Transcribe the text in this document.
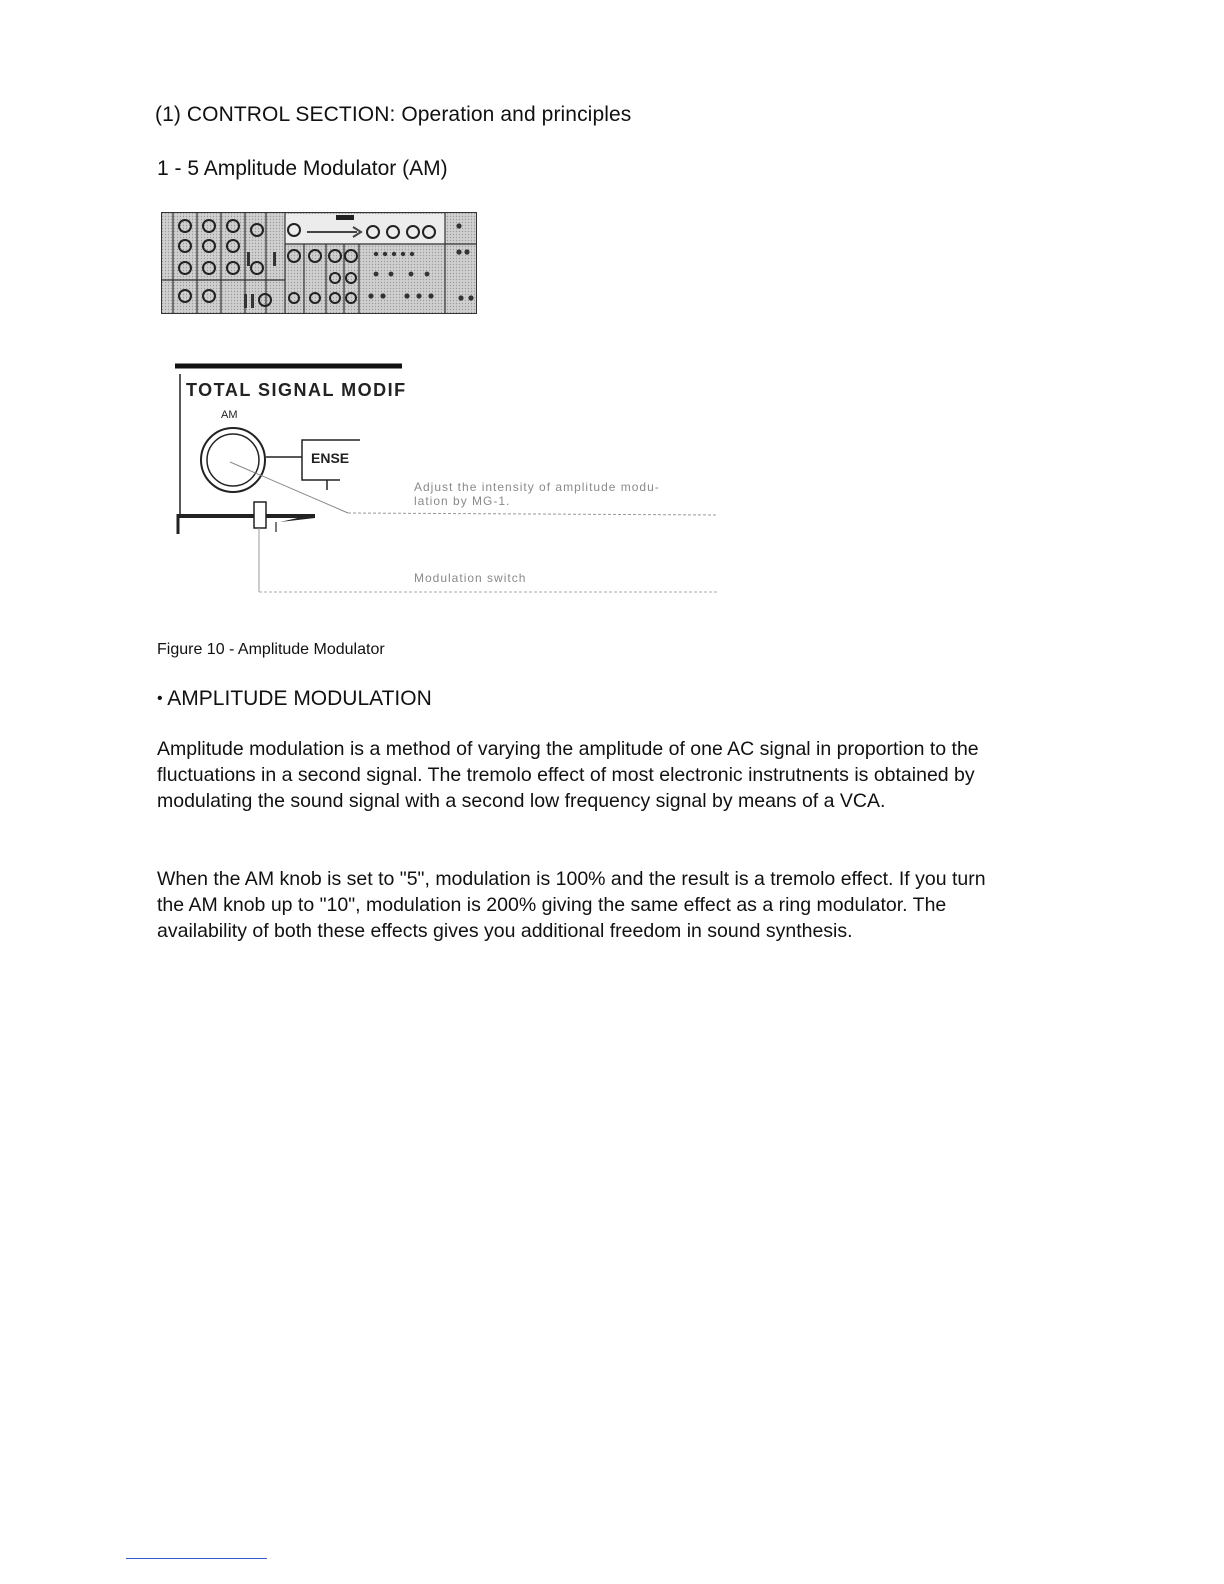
(1) CONTROL SECTION: Operation and principles
1 - 5 Amplitude Modulator (AM)
TOTAL SIGNAL MODIF
AM
ENSE
Adjust the intensity of amplitude modu-
lation by MG-1.
Modulation switch
Figure 10 - Amplitude Modulator
• AMPLITUDE MODULATION
Amplitude modulation is a method of varying the amplitude of one AC signal in proportion to the fluctuations in a second signal. The tremolo effect of most electronic instrutnents is obtained by modulating the sound signal with a second low frequency signal by means of a VCA.
When the AM knob is set to "5", modulation is 100% and the result is a tremolo effect. If you turn the AM knob up to "10", modulation is 200% giving the same effect as a ring modulator. The availability of both these effects gives you additional freedom in sound synthesis.
